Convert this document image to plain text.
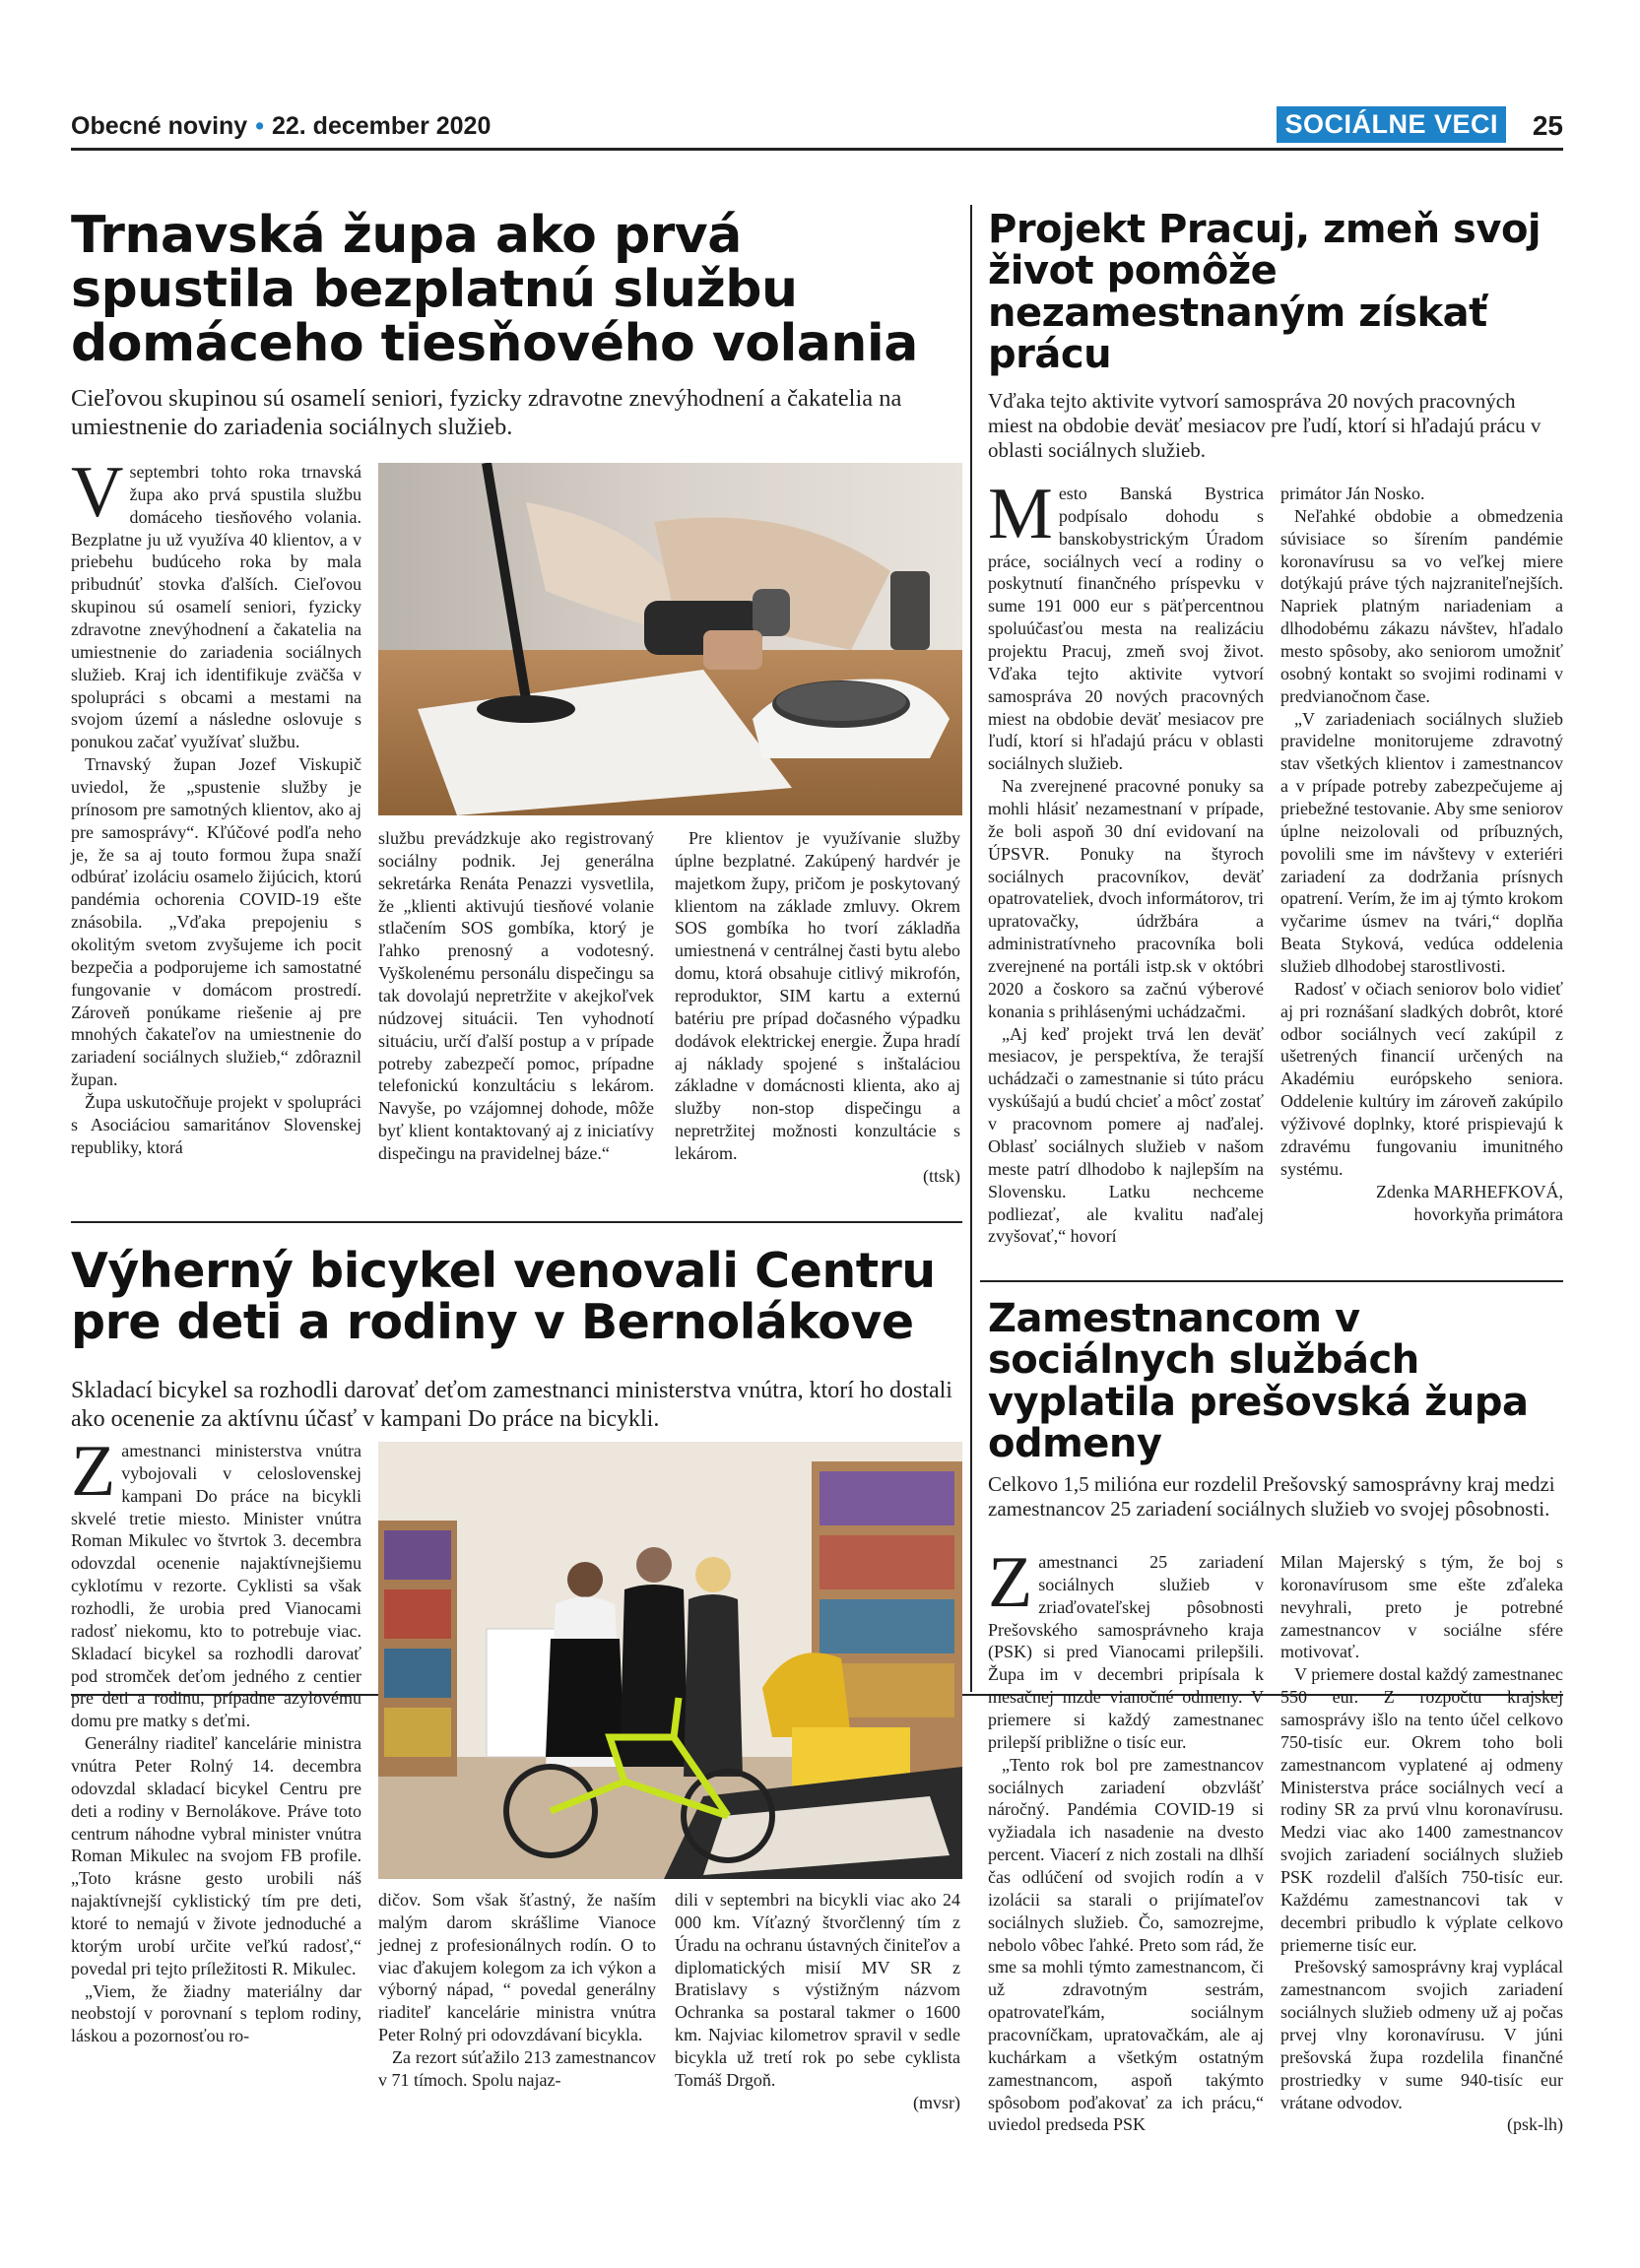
Obecné noviny • 22. december 2020	SOCIÁLNE VECI 25
Trnavská župa ako prvá spustila bezplatnú službu domáceho tiesňového volania
Cieľovou skupinou sú osamelí seniori, fyzicky zdravotne znevýhodnení a čakatelia na umiestnenie do zariadenia sociálnych služieb.

Vseptembri tohto roka trnavská župa ako prvá spustila službu domáceho tiesňového volania. Bezplatne ju už využíva 40 klientov, a v priebehu budúceho roka by mala pribudnúť stovka ďalších. Cieľovou skupinou sú osamelí seniori, fyzicky zdravotne znevýhodnení a čakatelia na umiestnenie do zariadenia sociálnych služieb. Kraj ich identifikuje zväčša v spolupráci s obcami a mestami na svojom území a následne oslovuje s ponukou začať využívať službu.

Trnavský župan Jozef Viskupič uviedol, že „spustenie služby je prínosom pre samotných klientov, ako aj pre samosprávy“. Kľúčové podľa neho je, že sa aj touto formou župa snaží odbúrať izoláciu osamelo žijúcich, ktorú pandémia ochorenia COVID-19 ešte znásobila. „Vďaka prepojeniu s okolitým svetom zvyšujeme ich pocit bezpečia a podporujeme ich samostatné fungovanie v domácom prostredí. Zároveň ponúkame riešenie aj pre mnohých čakateľov na umiestnenie do zariadení sociálnych služieb,“ zdôraznil župan.

Župa uskutočňuje projekt v spolupráci s Asociáciou samaritánov Slovenskej republiky, ktorá

službu prevádzkuje ako registrovaný sociálny podnik. Jej generálna sekretárka Renáta Penazzi vysvetlila, že „klienti aktivujú tiesňové volanie stlačením SOS gombíka, ktorý je ľahko prenosný a vodotesný. Vyškolenému personálu dispečingu sa tak dovolajú nepretržite v akejkoľvek núdzovej situácii. Ten vyhodnotí situáciu, určí ďalší postup a v prípade potreby zabezpečí pomoc, prípadne telefonickú konzultáciu s lekárom. Navyše, po vzájomnej dohode, môže byť klient kontaktovaný aj z iniciatívy dispečingu na pravidelnej báze.“

Pre klientov je využívanie služby úplne bezplatné. Zakúpený hardvér je majetkom župy, pričom je poskytovaný klientom na základe zmluvy. Okrem SOS gombíka ho tvorí základňa umiestnená v centrálnej časti bytu alebo domu, ktorá obsahuje citlivý mikrofón, reproduktor, SIM kartu a externú batériu pre prípad dočasného výpadku dodávok elektrickej energie. Župa hradí aj náklady spojené s inštaláciou základne v domácnosti klienta, ako aj služby non-stop dispečingu a nepretržitej možnosti konzultácie s lekárom.

(ttsk)

Projekt Pracuj, zmeň svoj život pomôže nezamestnaným získať prácu
Vďaka tejto aktivite vytvorí samospráva 20 nových pracovných miest na obdobie deväť mesiacov pre ľudí, ktorí si hľadajú prácu v oblasti sociálnych služieb.

Mesto Banská Bystrica podpísalo dohodu s banskobystrickým Úradom práce, sociálnych vecí a rodiny o poskytnutí finančného príspevku v sume 191 000 eur s päťpercentnou spoluúčasťou mesta na realizáciu projektu Pracuj, zmeň svoj život. Vďaka tejto aktivite vytvorí samospráva 20 nových pracovných miest na obdobie deväť mesiacov pre ľudí, ktorí si hľadajú prácu v oblasti sociálnych služieb.

Na zverejnené pracovné ponuky sa mohli hlásiť nezamestnaní v prípade, že boli aspoň 30 dní evidovaní na ÚPSVR. Ponuky na štyroch sociálnych pracovníkov, deväť opatrovateliek, dvoch informátorov, tri upratovačky, údržbára a administratívneho pracovníka boli zverejnené na portáli istp.sk v októbri 2020 a čoskoro sa začnú výberové konania s prihlásenými uchádzačmi.

„Aj keď projekt trvá len deväť mesiacov, je perspektíva, že terajší uchádzači o zamestnanie si túto prácu vyskúšajú a budú chcieť a môcť zostať v pracovnom pomere aj naďalej. Oblasť sociálnych služieb v našom meste patrí dlhodobo k najlepším na Slovensku. Latku nechceme podliezať, ale kvalitu naďalej zvyšovať,“ hovorí

primátor Ján Nosko.

Neľahké obdobie a obmedzenia súvisiace so šírením pandémie koronavírusu sa vo veľkej miere dotýkajú práve tých najzraniteľnejších. Napriek platným nariadeniam a dlhodobému zákazu návštev, hľadalo mesto spôsoby, ako seniorom umožniť osobný kontakt so svojimi rodinami v predvianočnom čase.

„V zariadeniach sociálnych služieb pravidelne monitorujeme zdravotný stav všetkých klientov i zamestnancov a v prípade potreby zabezpečujeme aj priebežné testovanie. Aby sme seniorov úplne neizolovali od príbuzných, povolili sme im návštevy v exteriéri zariadení za dodržania prísnych opatrení. Verím, že im aj týmto krokom vyčarime úsmev na tvári,“ doplňa Beata Styková, vedúca oddelenia služieb dlhodobej starostlivosti.

Radosť v očiach seniorov bolo vidieť aj pri roznášaní sladkých dobrôt, ktoré odbor sociálnych vecí zakúpil z ušetrených financií určených na Akadémiu európskeho seniora. Oddelenie kultúry im zároveň zakúpilo výživové doplnky, ktoré prispievajú k zdravému fungovaniu imunitného systému.

Zdenka MARHEFKOVÁ,

hovorkyňa primátora

Výherný bicykel venovali Centru pre deti a rodiny v Bernolákove
Skladací bicykel sa rozhodli darovať deťom zamestnanci ministerstva vnútra, ktorí ho dostali ako ocenenie za aktívnu účasť v kampani Do práce na bicykli.

Zamestnanci ministerstva vnútra vybojovali v celoslovenskej kampani Do práce na bicykli skvelé tretie miesto. Minister vnútra Roman Mikulec vo štvrtok 3. decembra odovzdal ocenenie najaktívnejšiemu cyklotímu v rezorte. Cyklisti sa však rozhodli, že urobia pred Vianocami radosť niekomu, kto to potrebuje viac. Skladací bicykel sa rozhodli darovať pod stromček deťom jedného z centier pre deti a rodinu, prípadne azylovému domu pre matky s deťmi.

Generálny riaditeľ kancelárie ministra vnútra Peter Rolný 14. decembra odovzdal skladací bicykel Centru pre deti a rodiny v Bernolákove. Práve toto centrum náhodne vybral minister vnútra Roman Mikulec na svojom FB profile. „Toto krásne gesto urobili náš najaktívnejší cyklistický tím pre deti, ktoré to nemajú v živote jednoduché a ktorým urobí určite veľkú radosť,“ povedal pri tejto príležitosti R. Mikulec.

„Viem, že žiadny materiálny dar neobstojí v porovnaní s teplom rodiny, láskou a pozornosťou ro-

dičov. Som však šťastný, že naším malým darom skrášlime Vianoce jednej z profesionálnych rodín. O to viac ďakujem kolegom za ich výkon a výborný nápad, “ povedal generálny riaditeľ kancelárie ministra vnútra Peter Rolný pri odovzdávaní bicykla.

Za rezort súťažilo 213 zamestnancov v 71 tímoch. Spolu najaz-

dili v septembri na bicykli viac ako 24 000 km. Víťazný štvorčlenný tím z Úradu na ochranu ústavných činiteľov a diplomatických misií MV SR z Bratislavy s výstižným názvom Ochranka sa postaral takmer o 1600 km. Najviac kilometrov spravil v sedle bicykla už tretí rok po sebe cyklista Tomáš Drgoň.

(mvsr)

Zamestnancom v sociálnych službách vyplatila prešovská župa odmeny
Celkovo 1,5 milióna eur rozdelil Prešovský samosprávny kraj medzi zamestnancov 25 zariadení sociálnych služieb vo svojej pôsobnosti.

Zamestnanci 25 zariadení sociálnych služieb v zriaďovateľskej pôsobnosti Prešovského samosprávneho kraja (PSK) si pred Vianocami prilepšili. Župa im v decembri pripísala k mesačnej mzde vianočné odmeny. V priemere si každý zamestnanec prilepší približne o tisíc eur.

„Tento rok bol pre zamestnancov sociálnych zariadení obzvlášť náročný. Pandémia COVID-19 si vyžiadala ich nasadenie na dvesto percent. Viacerí z nich zostali na dlhší čas odlúčení od svojich rodín a v izolácii sa starali o prijímateľov sociálnych služieb. Čo, samozrejme, nebolo vôbec ľahké. Preto som rád, že sme sa mohli týmto zamestnancom, či už zdravotným sestrám, opatrovateľkám, sociálnym pracovníčkam, upratovačkám, ale aj kuchárkam a všetkým ostatným zamestnancom, aspoň takýmto spôsobom poďakovať za ich prácu,“ uviedol predseda PSK

Milan Majerský s tým, že boj s koronavírusom sme ešte zďaleka nevyhrali, preto je potrebné zamestnancov v sociálne sfére motivovať.

V priemere dostal každý zamestnanec 550 eur. Z rozpočtu krajskej samosprávy išlo na tento účel celkovo 750-tisíc eur. Okrem toho boli zamestnancom vyplatené aj odmeny Ministerstva práce sociálnych vecí a rodiny SR za prvú vlnu koronavírusu. Medzi viac ako 1400 zamestnancov svojich zariadení sociálnych služieb PSK rozdelil ďalších 750-tisíc eur. Každému zamestnancovi tak v decembri pribudlo k výplate celkovo priemerne tisíc eur.

Prešovský samosprávny kraj vyplácal zamestnancom svojich zariadení sociálnych služieb odmeny už aj počas prvej vlny koronavírusu. V júni prešovská župa rozdelila finančné prostriedky v sume 940-tisíc eur vrátane odvodov.

(psk-lh)
